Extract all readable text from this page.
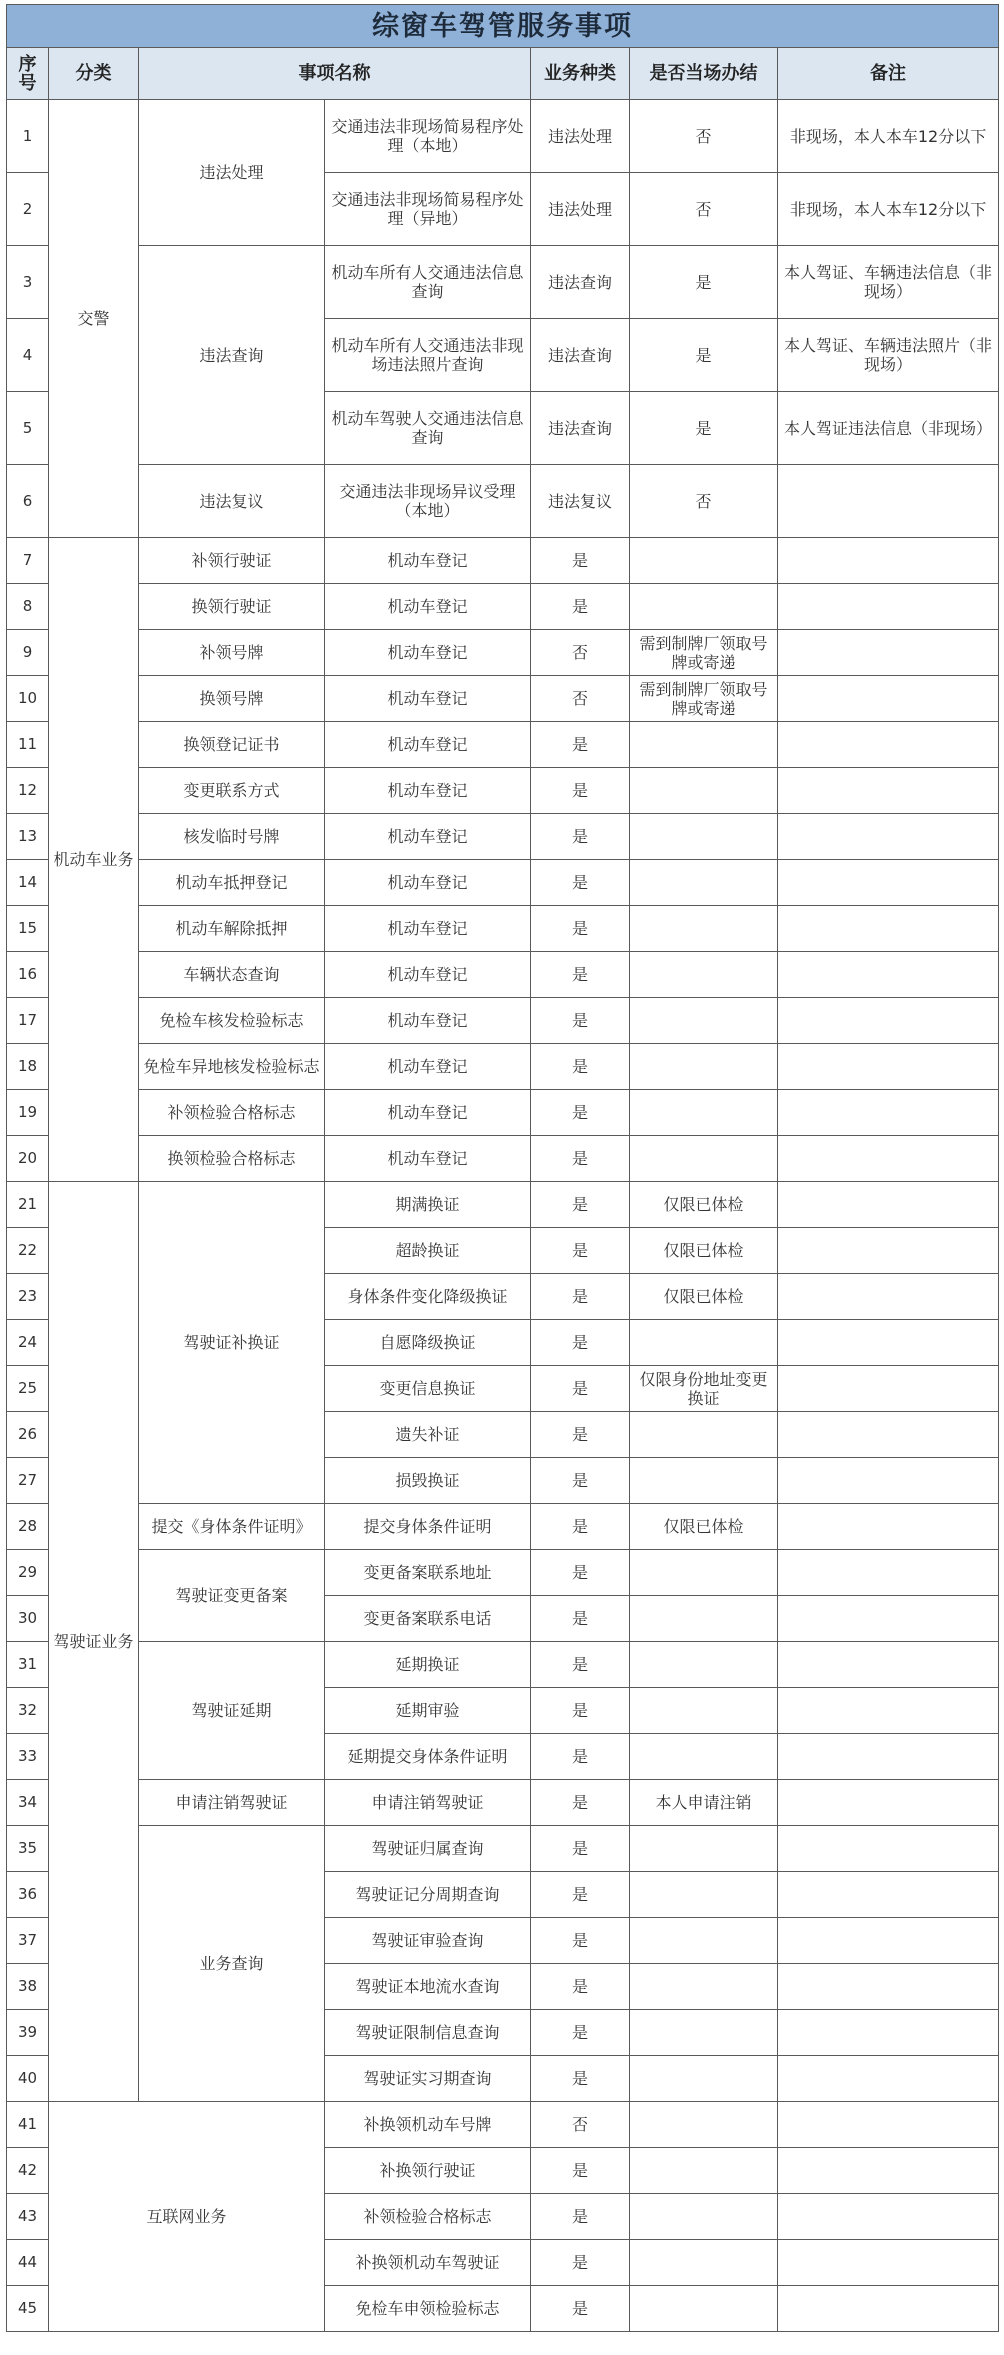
综窗车驾管服务事项						
序号	分类	事项名称		业务种类	是否当场办结	备注
1	交警	违法处理	交通违法非现场简易程序处理（本地）	违法处理	否	非现场，本人本车12分以下
2			交通违法非现场简易程序处理（异地）	违法处理	否	非现场，本人本车12分以下
3		违法查询	机动车所有人交通违法信息查询	违法查询	是	本人驾证、车辆违法信息（非现场）
4			机动车所有人交通违法非现场违法照片查询	违法查询	是	本人驾证、车辆违法照片（非现场）
5			机动车驾驶人交通违法信息查询	违法查询	是	本人驾证违法信息（非现场）
6		违法复议	交通违法非现场异议受理（本地）	违法复议	否	
7	机动车业务	补领行驶证	机动车登记	是		
8		换领行驶证	机动车登记	是		
9		补领号牌	机动车登记	否	需到制牌厂领取号牌或寄递	
10		换领号牌	机动车登记	否	需到制牌厂领取号牌或寄递	
11		换领登记证书	机动车登记	是		
12		变更联系方式	机动车登记	是		
13		核发临时号牌	机动车登记	是		
14		机动车抵押登记	机动车登记	是		
15		机动车解除抵押	机动车登记	是		
16		车辆状态查询	机动车登记	是		
17		免检车核发检验标志	机动车登记	是		
18		免检车异地核发检验标志	机动车登记	是		
19		补领检验合格标志	机动车登记	是		
20		换领检验合格标志	机动车登记	是		
21	驾驶证业务	驾驶证补换证	期满换证	是	仅限已体检	
22			超龄换证	是	仅限已体检	
23			身体条件变化降级换证	是	仅限已体检	
24			自愿降级换证	是		
25			变更信息换证	是	仅限身份地址变更换证	
26			遗失补证	是		
27			损毁换证	是		
28		提交《身体条件证明》	提交身体条件证明	是	仅限已体检	
29		驾驶证变更备案	变更备案联系地址	是		
30			变更备案联系电话	是		
31		驾驶证延期	延期换证	是		
32			延期审验	是		
33			延期提交身体条件证明	是		
34		申请注销驾驶证	申请注销驾驶证	是	本人申请注销	
35		业务查询	驾驶证归属查询	是		
36			驾驶证记分周期查询	是		
37			驾驶证审验查询	是		
38			驾驶证本地流水查询	是		
39			驾驶证限制信息查询	是		
40			驾驶证实习期查询	是		
41	互联网业务		补换领机动车号牌	否		
42			补换领行驶证	是		
43			补领检验合格标志	是		
44			补换领机动车驾驶证	是		
45			免检车申领检验标志	是		
